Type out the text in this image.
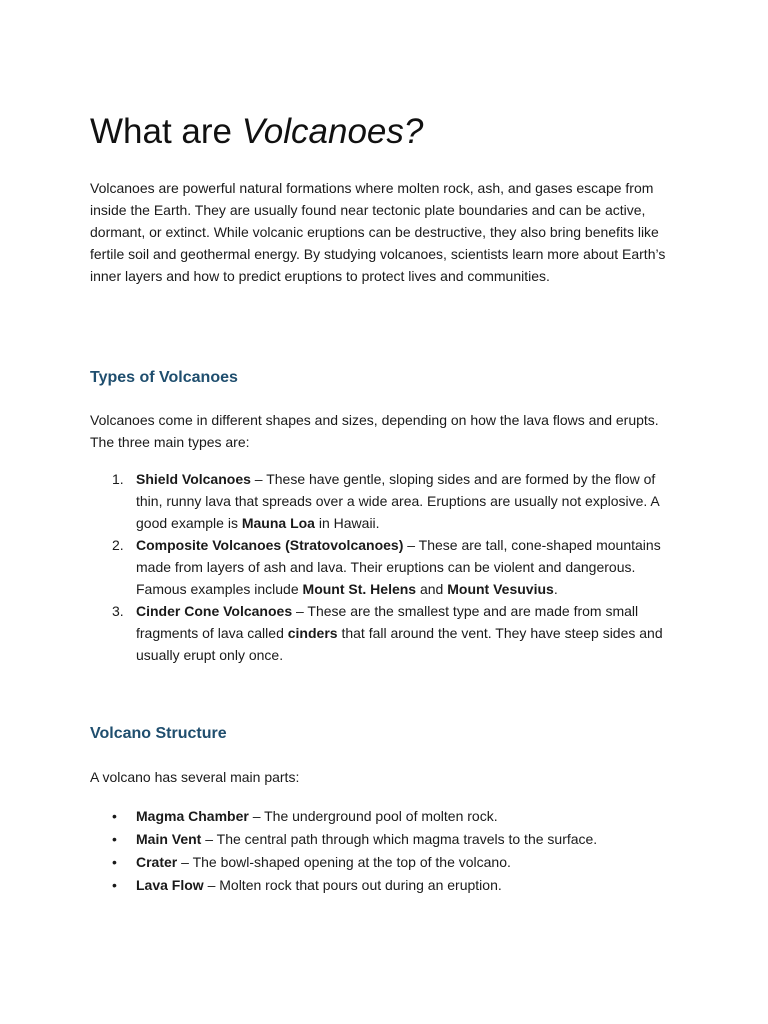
What are Volcanoes?

Volcanoes are powerful natural formations where molten rock, ash, and gases escape from inside the Earth. They are usually found near tectonic plate boundaries and can be active, dormant, or extinct. While volcanic eruptions can be destructive, they also bring benefits like fertile soil and geothermal energy. By studying volcanoes, scientists learn more about Earth’s inner layers and how to predict eruptions to protect lives and communities.

Types of Volcanoes

Volcanoes come in different shapes and sizes, depending on how the lava flows and erupts. The three main types are:

1. Shield Volcanoes – These have gentle, sloping sides and are formed by the flow of thin, runny lava that spreads over a wide area. Eruptions are usually not explosive. A good example is Mauna Loa in Hawaii.
2. Composite Volcanoes (Stratovolcanoes) – These are tall, cone-shaped mountains made from layers of ash and lava. Their eruptions can be violent and dangerous. Famous examples include Mount St. Helens and Mount Vesuvius.
3. Cinder Cone Volcanoes – These are the smallest type and are made from small fragments of lava called cinders that fall around the vent. They have steep sides and usually erupt only once.
Volcano Structure

A volcano has several main parts:

• Magma Chamber – The underground pool of molten rock.
• Main Vent – The central path through which magma travels to the surface.
• Crater – The bowl-shaped opening at the top of the volcano.
• Lava Flow – Molten rock that pours out during an eruption.
